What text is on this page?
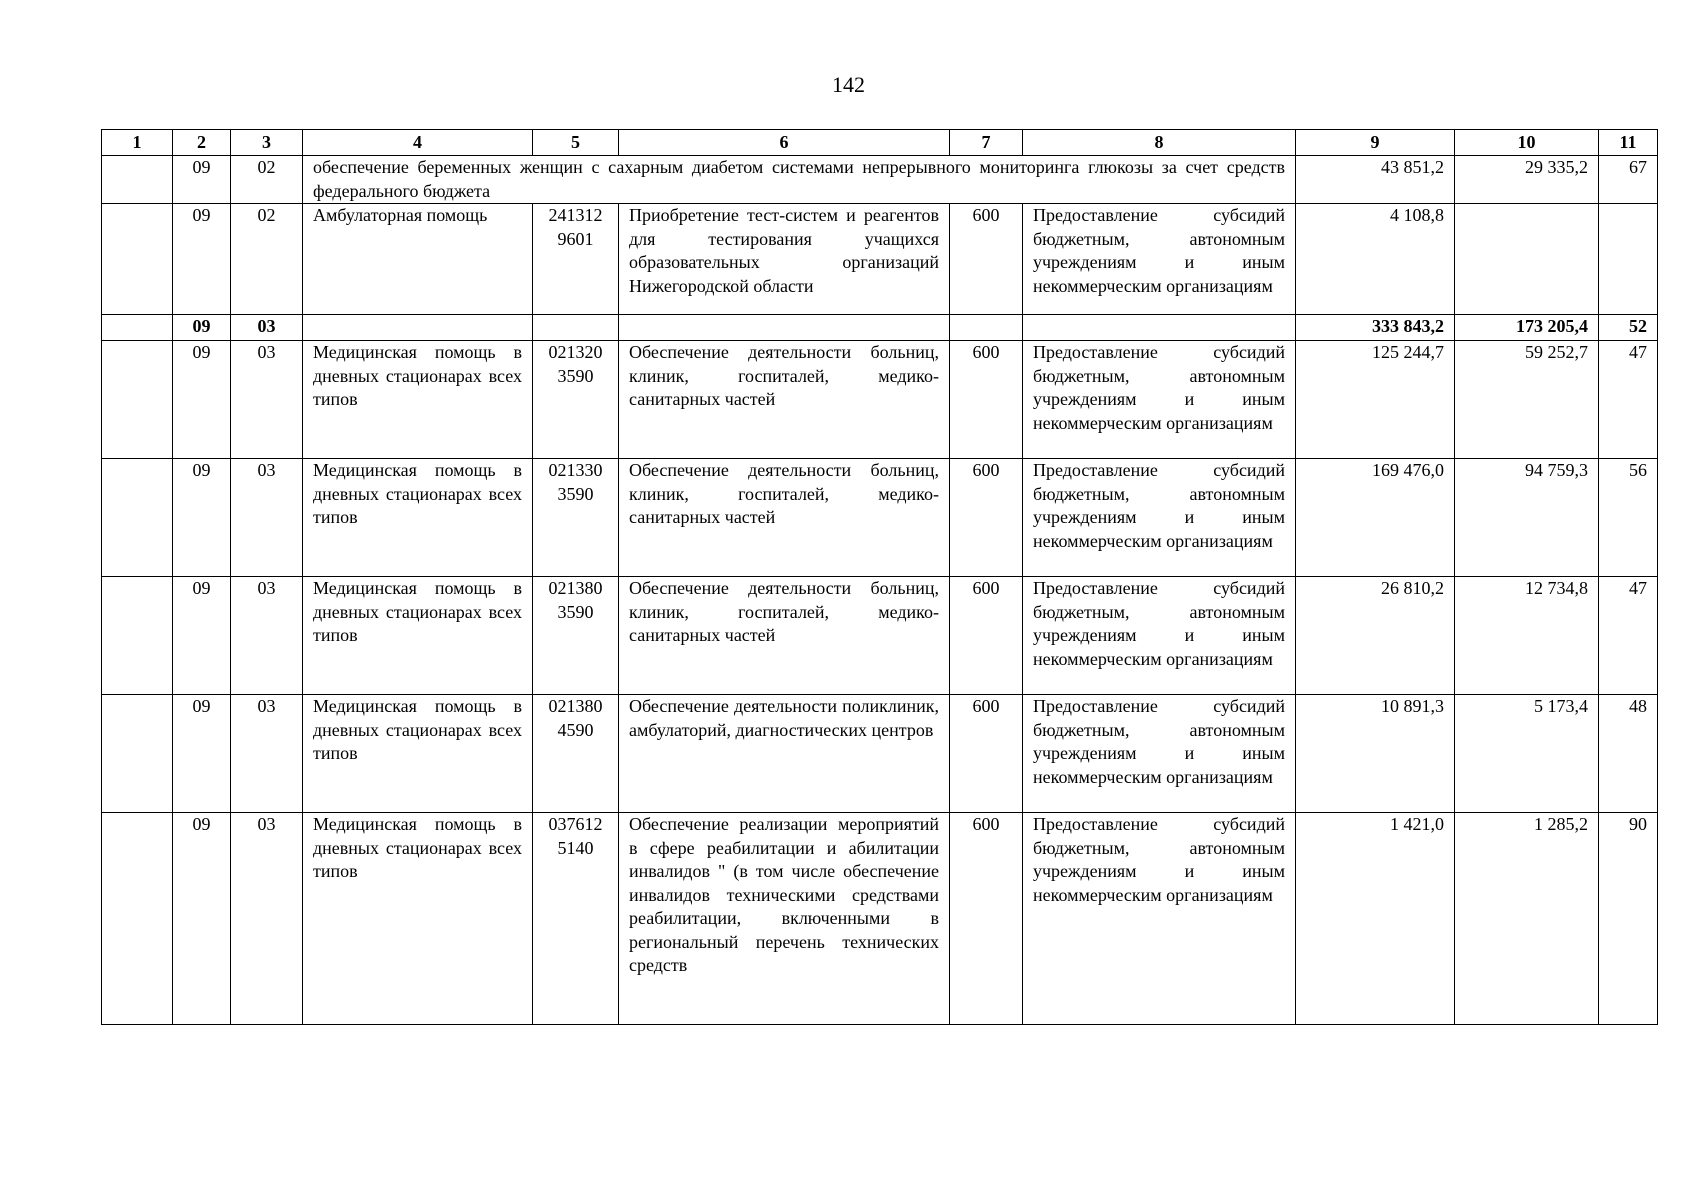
142
1	2	3	4	5	6	7	8	9	10	11
	09	02	обеспечение беременных женщин с сахарным диабетом системами непрерывного мониторинга глюкозы за счет средств федерального бюджета					43 851,2	29 335,2	67
	09	02	Амбулаторная помощь	241312 9601	Приобретение тест-систем и реагентов для тестирования учащихся образовательных организаций Нижегородской области	600	Предоставление субсидий бюджетным, автономным учреждениям и иным некоммерческим организациям	4 108,8		
	09	03						333 843,2	173 205,4	52
	09	03	Медицинская помощь в дневных стационарах всех типов	021320 3590	Обеспечение деятельности больниц, клиник, госпиталей, медико-санитарных частей	600	Предоставление субсидий бюджетным, автономным учреждениям и иным некоммерческим организациям	125 244,7	59 252,7	47
	09	03	Медицинская помощь в дневных стационарах всех типов	021330 3590	Обеспечение деятельности больниц, клиник, госпиталей, медико-санитарных частей	600	Предоставление субсидий бюджетным, автономным учреждениям и иным некоммерческим организациям	169 476,0	94 759,3	56
	09	03	Медицинская помощь в дневных стационарах всех типов	021380 3590	Обеспечение деятельности больниц, клиник, госпиталей, медико-санитарных частей	600	Предоставление субсидий бюджетным, автономным учреждениям и иным некоммерческим организациям	26 810,2	12 734,8	47
	09	03	Медицинская помощь в дневных стационарах всех типов	021380 4590	Обеспечение деятельности поликлиник, амбулаторий, диагностических центров	600	Предоставление субсидий бюджетным, автономным учреждениям и иным некоммерческим организациям	10 891,3	5 173,4	48
	09	03	Медицинская помощь в дневных стационарах всех типов	037612 5140	Обеспечение реализации мероприятий в сфере реабилитации и абилитации инвалидов " (в том числе обеспечение инвалидов техническими средствами реабилитации, включенными в региональный перечень технических средств	600	Предоставление субсидий бюджетным, автономным учреждениям и иным некоммерческим организациям	1 421,0	1 285,2	90
